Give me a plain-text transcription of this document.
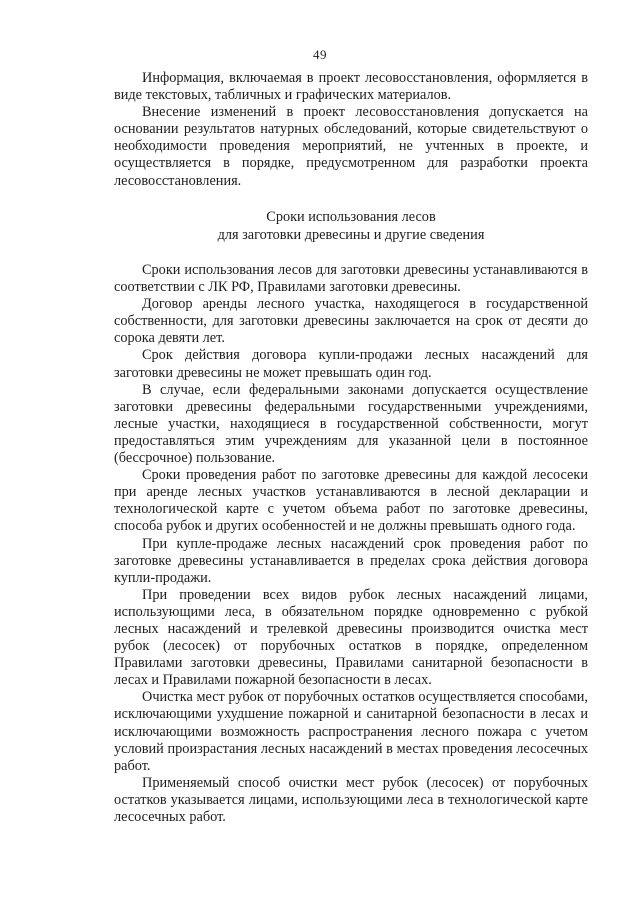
49

Информация, включаемая в проект лесовосстановления, оформляется в виде текстовых, табличных и графических материалов.

Внесение изменений в проект лесовосстановления допускается на основании результатов натурных обследований, которые свидетельствуют о необходимости проведения мероприятий, не учтенных в проекте, и осуществляется в порядке, предусмотренном для разработки проекта лесовосстановления.

Сроки использования лесов
для заготовки древесины и другие сведения

Сроки использования лесов для заготовки древесины устанавливаются в соответствии с ЛК РФ, Правилами заготовки древесины.

Договор аренды лесного участка, находящегося в государственной собственности, для заготовки древесины заключается на срок от десяти до сорока девяти лет.

Срок действия договора купли-продажи лесных насаждений для заготовки древесины не может превышать один год.

В случае, если федеральными законами допускается осуществление заготовки древесины федеральными государственными учреждениями, лесные участки, находящиеся в государственной собственности, могут предоставляться этим учреждениям для указанной цели в постоянное (бессрочное) пользование.

Сроки проведения работ по заготовке древесины для каждой лесосеки при аренде лесных участков устанавливаются в лесной декларации и технологической карте с учетом объема работ по заготовке древесины, способа рубок и других особенностей и не должны превышать одного года.

При купле-продаже лесных насаждений срок проведения работ по заготовке древесины устанавливается в пределах срока действия договора купли-продажи.

При проведении всех видов рубок лесных насаждений лицами, использующими леса, в обязательном порядке одновременно с рубкой лесных насаждений и трелевкой древесины производится очистка мест рубок (лесосек) от порубочных остатков в порядке, определенном Правилами заготовки древесины, Правилами санитарной безопасности в лесах и Правилами пожарной безопасности в лесах.

Очистка мест рубок от порубочных остатков осуществляется способами, исключающими ухудшение пожарной и санитарной безопасности в лесах и исключающими возможность распространения лесного пожара с учетом условий произрастания лесных насаждений в местах проведения лесосечных работ.

Применяемый способ очистки мест рубок (лесосек) от порубочных остатков указывается лицами, использующими леса в технологической карте лесосечных работ.
